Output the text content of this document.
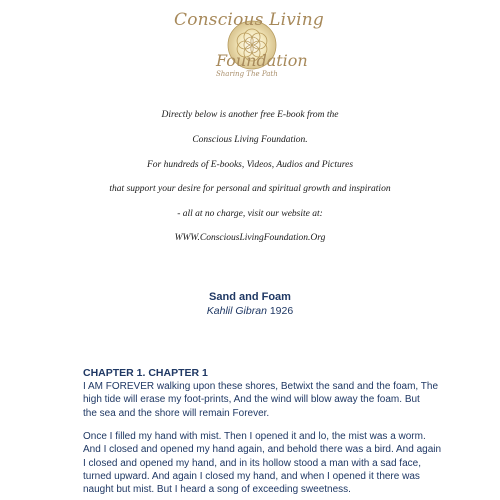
Conscious Living
Foundation
Sharing The Path
Directly below is another free E-book from the
Conscious Living Foundation.
For hundreds of E-books, Videos, Audios and Pictures
that support your desire for personal and spiritual growth and inspiration
- all at no charge, visit our website at:
WWW.ConsciousLivingFoundation.Org
Sand and Foam
Kahlil Gibran 1926
CHAPTER 1. CHAPTER 1
I AM FOREVER walking upon these shores, Betwixt the sand and the foam, The
high tide will erase my foot-prints, And the wind will blow away the foam. But
the sea and the shore will remain Forever.
Once I filled my hand with mist. Then I opened it and lo, the mist was a worm.
And I closed and opened my hand again, and behold there was a bird. And again
I closed and opened my hand, and in its hollow stood a man with a sad face,
turned upward. And again I closed my hand, and when I opened it there was
naught but mist. But I heard a song of exceeding sweetness.
